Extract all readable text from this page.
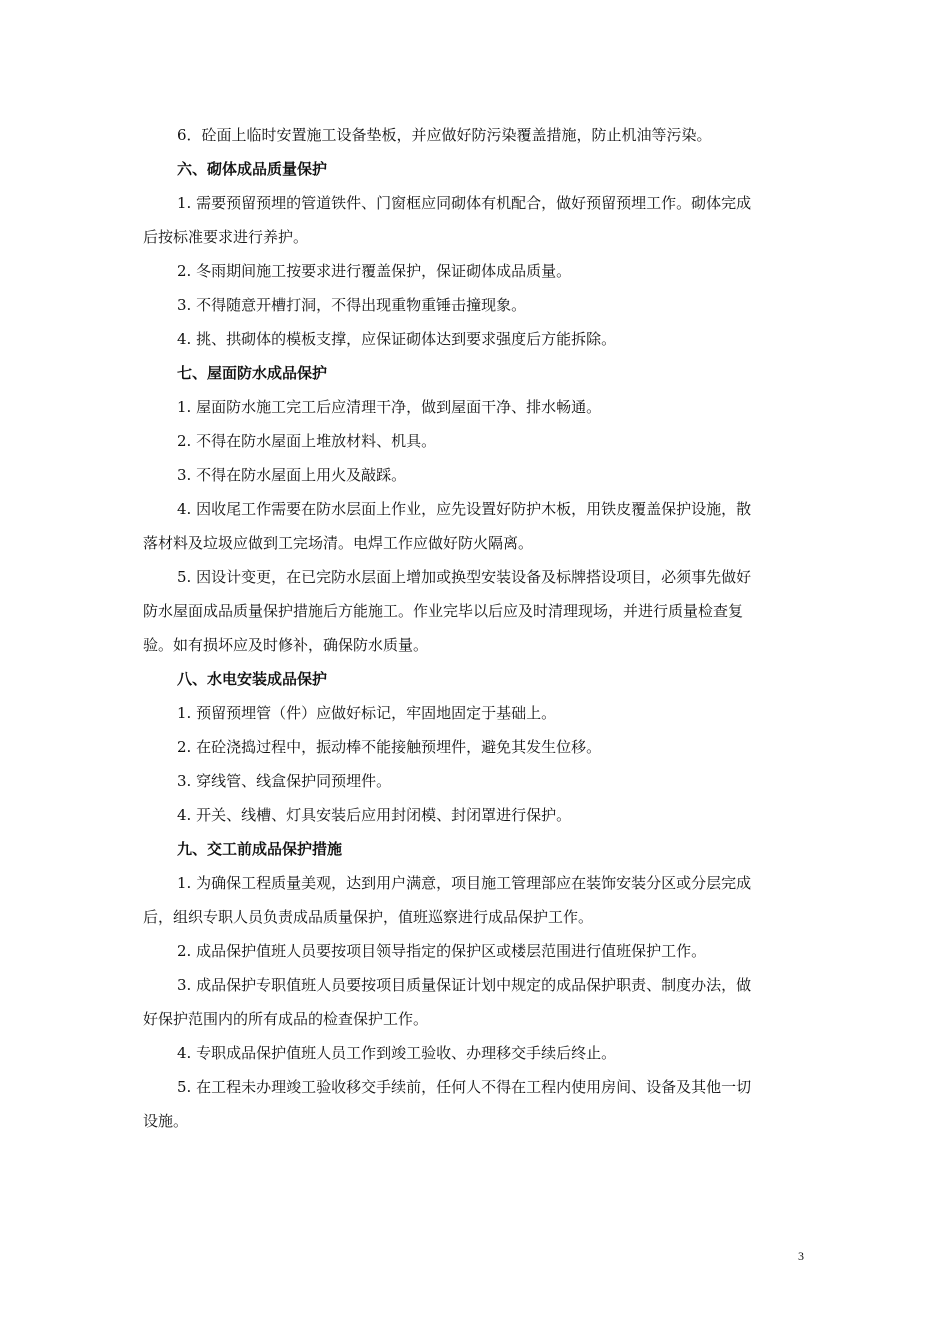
6．砼面上临时安置施工设备垫板，并应做好防污染覆盖措施，防止机油等污染。
六、砌体成品质量保护
1. 需要预留预埋的管道铁件、门窗框应同砌体有机配合，做好预留预埋工作。砌体完成
后按标准要求进行养护。
2. 冬雨期间施工按要求进行覆盖保护，保证砌体成品质量。
3. 不得随意开槽打洞，不得出现重物重锤击撞现象。
4. 挑、拱砌体的模板支撑，应保证砌体达到要求强度后方能拆除。
七、屋面防水成品保护
1. 屋面防水施工完工后应清理干净，做到屋面干净、排水畅通。
2. 不得在防水屋面上堆放材料、机具。
3. 不得在防水屋面上用火及敲踩。
4. 因收尾工作需要在防水层面上作业，应先设置好防护木板，用铁皮覆盖保护设施，散
落材料及垃圾应做到工完场清。电焊工作应做好防火隔离。
5. 因设计变更，在已完防水层面上增加或换型安装设备及标牌搭设项目，必须事先做好
防水屋面成品质量保护措施后方能施工。作业完毕以后应及时清理现场，并进行质量检查复
验。如有损坏应及时修补，确保防水质量。
八、水电安装成品保护
1. 预留预埋管（件）应做好标记，牢固地固定于基础上。
2. 在砼浇捣过程中，振动棒不能接触预埋件，避免其发生位移。
3. 穿线管、线盒保护同预埋件。
4. 开关、线槽、灯具安装后应用封闭模、封闭罩进行保护。
九、交工前成品保护措施
1. 为确保工程质量美观，达到用户满意，项目施工管理部应在装饰安装分区或分层完成
后，组织专职人员负责成品质量保护，值班巡察进行成品保护工作。
2. 成品保护值班人员要按项目领导指定的保护区或楼层范围进行值班保护工作。
3. 成品保护专职值班人员要按项目质量保证计划中规定的成品保护职责、制度办法，做
好保护范围内的所有成品的检查保护工作。
4. 专职成品保护值班人员工作到竣工验收、办理移交手续后终止。
5. 在工程未办理竣工验收移交手续前，任何人不得在工程内使用房间、设备及其他一切
设施。
3
